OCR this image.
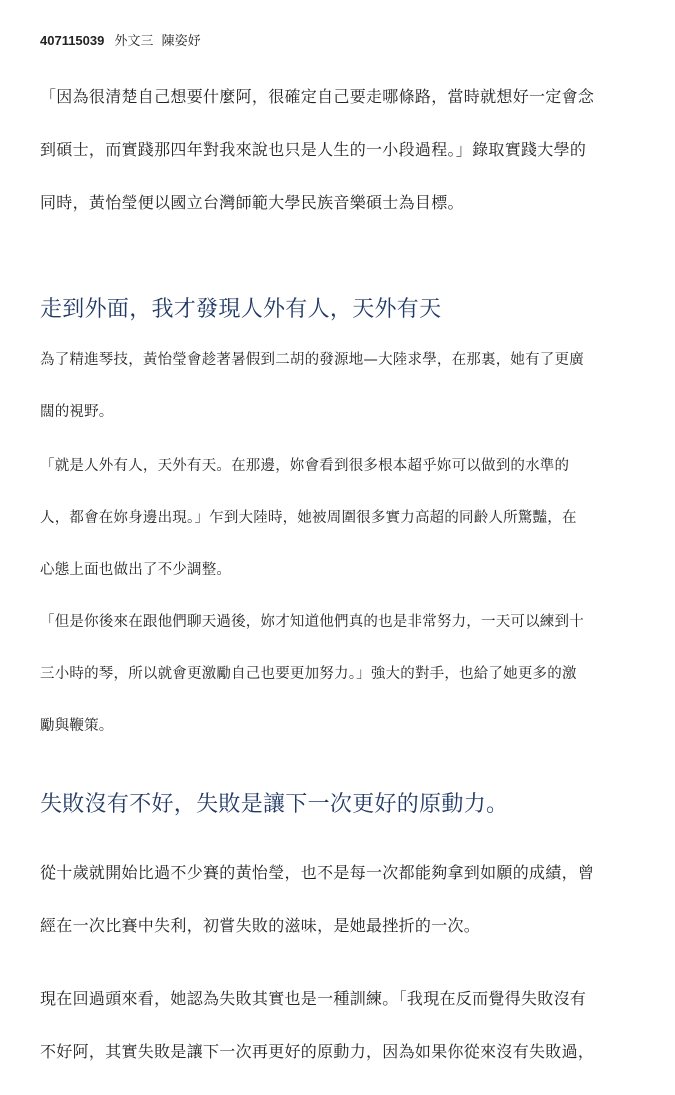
407115039 外文三 陳姿妤
「因為很清楚自己想要什麼阿，很確定自己要走哪條路，當時就想好一定會念
到碩士，而實踐那四年對我來說也只是人生的一小段過程。」錄取實踐大學的
同時，黃怡瑩便以國立台灣師範大學民族音樂碩士為目標。
走到外面，我才發現人外有人，天外有天
為了精進琴技，黃怡瑩會趁著暑假到二胡的發源地—大陸求學，在那裏，她有了更廣
闊的視野。
「就是人外有人，天外有天。在那邊，妳會看到很多根本超乎妳可以做到的水準的
人，都會在妳身邊出現。」乍到大陸時，她被周圍很多實力高超的同齡人所驚豔，在
心態上面也做出了不少調整。
「但是你後來在跟他們聊天過後，妳才知道他們真的也是非常努力，一天可以練到十
三小時的琴，所以就會更激勵自己也要更加努力。」強大的對手，也給了她更多的激
勵與鞭策。
失敗沒有不好，失敗是讓下一次更好的原動力。
從十歲就開始比過不少賽的黃怡瑩，也不是每一次都能夠拿到如願的成績，曾
經在一次比賽中失利，初嘗失敗的滋味，是她最挫折的一次。
現在回過頭來看，她認為失敗其實也是一種訓練。「我現在反而覺得失敗沒有
不好阿，其實失敗是讓下一次再更好的原動力，因為如果你從來沒有失敗過，
